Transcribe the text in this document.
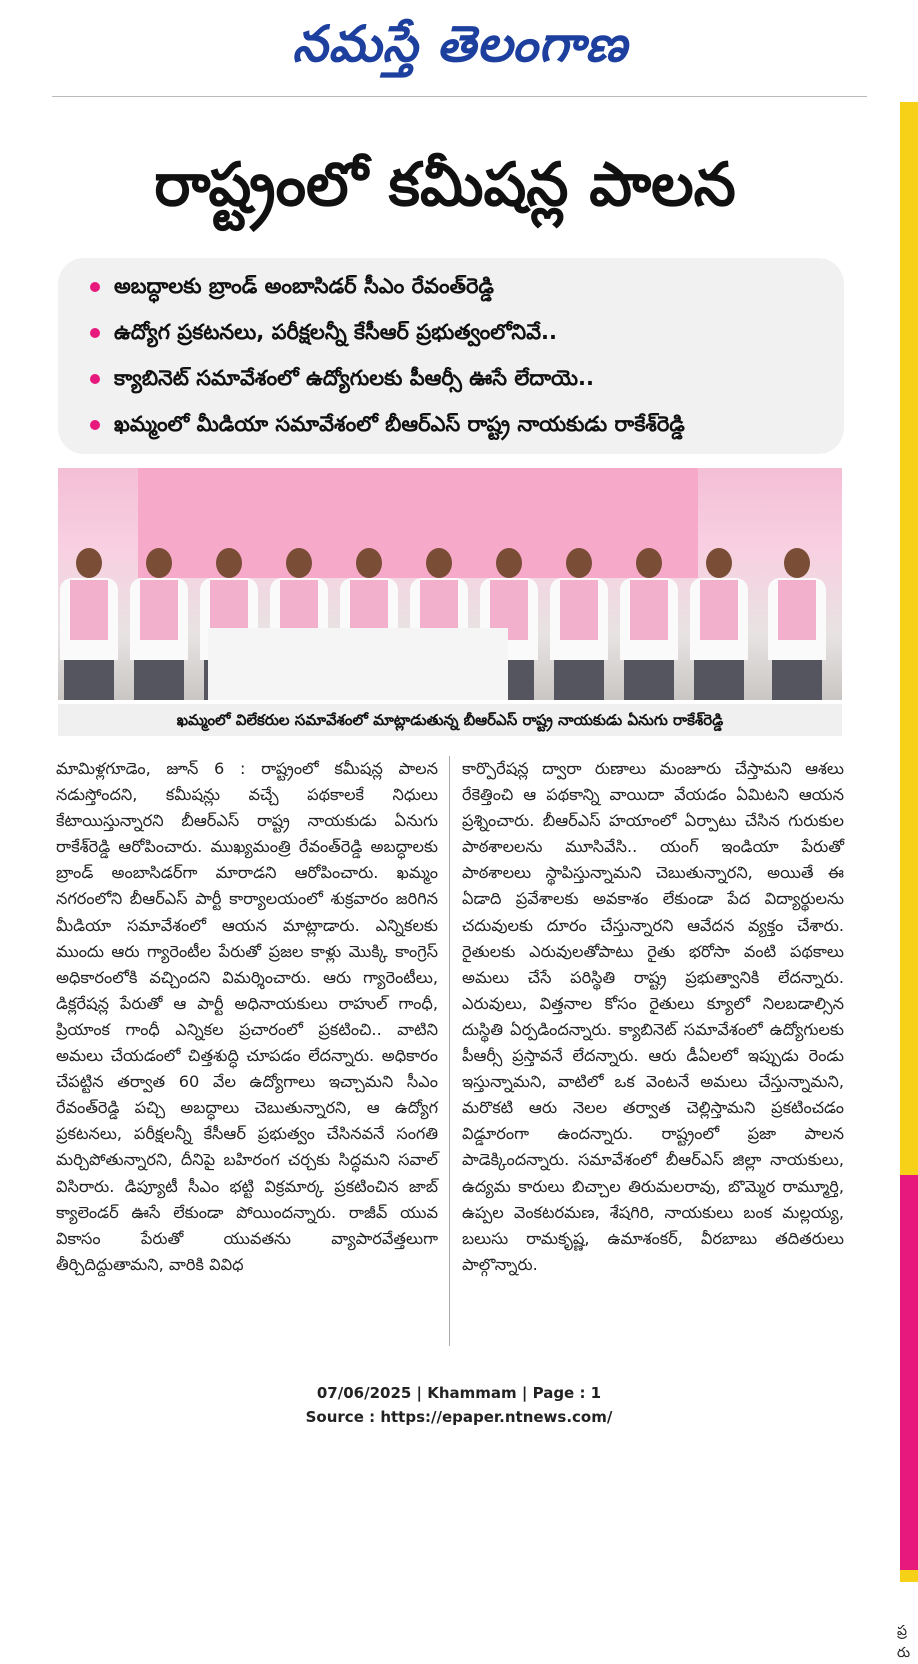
నమస్తే తెలంగాణ
ప్ర
రు
రాష్ట్రంలో కమీషన్ల పాలన
అబద్ధాలకు బ్రాండ్ అంబాసిడర్ సీఎం రేవంత్‌రెడ్డి
ఉద్యోగ ప్రకటనలు, పరీక్షలన్నీ కేసీఆర్ ప్రభుత్వంలోనివే..
క్యాబినెట్ సమావేశంలో ఉద్యోగులకు పీఆర్సీ ఊసే లేదాయె..
ఖమ్మంలో మీడియా సమావేశంలో బీఆర్ఎస్ రాష్ట్ర నాయకుడు రాకేశ్‌రెడ్డి
ఖమ్మంలో విలేకరుల సమావేశంలో మాట్లాడుతున్న బీఆర్ఎస్ రాష్ట్ర నాయకుడు ఏనుగు రాకేశ్‌రెడ్డి
మామిళ్లగూడెం, జూన్ 6 : రాష్ట్రంలో కమీషన్ల పాలన నడుస్తోందని, కమీషన్లు వచ్చే పథకాలకే నిధులు కేటాయిస్తున్నారని బీఆర్ఎస్ రాష్ట్ర నాయకుడు ఏనుగు రాకేశ్‌రెడ్డి ఆరోపించారు. ముఖ్యమంత్రి రేవంత్‌రెడ్డి అబద్ధాలకు బ్రాండ్ అంబాసిడర్‌గా మారాడని ఆరోపించారు. ఖమ్మం నగరంలోని బీఆర్ఎస్ పార్టీ కార్యాలయంలో శుక్రవారం జరిగిన మీడియా సమావేశంలో ఆయన మాట్లాడారు. ఎన్నికలకు ముందు ఆరు గ్యారెంటీల పేరుతో ప్రజల కాళ్లు మొక్కి కాంగ్రెస్ అధికారంలోకి వచ్చిందని విమర్శించారు. ఆరు గ్యారెంటీలు, డిక్లరేషన్ల పేరుతో ఆ పార్టీ అధినాయకులు రాహుల్ గాంధీ, ప్రియాంక గాంధీ ఎన్నికల ప్రచారంలో ప్రకటించి.. వాటిని అమలు చేయడంలో చిత్తశుద్ధి చూపడం లేదన్నారు. అధికారం చేపట్టిన తర్వాత 60 వేల ఉద్యోగాలు ఇచ్చామని సీఎం రేవంత్‌రెడ్డి పచ్చి అబద్ధాలు చెబుతున్నారని, ఆ ఉద్యోగ ప్రకటనలు, పరీక్షలన్నీ కేసీఆర్ ప్రభుత్వం చేసినవనే సంగతి మర్చిపోతున్నారని, దీనిపై బహిరంగ చర్చకు సిద్ధమని సవాల్ విసిరారు. డిప్యూటీ సీఎం భట్టి విక్రమార్క ప్రకటించిన జాబ్ క్యాలెండర్ ఊసే లేకుండా పోయిందన్నారు. రాజీవ్ యువ వికాసం పేరుతో యువతను వ్యాపారవేత్తలుగా తీర్చిదిద్దుతామని, వారికి వివిధ
కార్పొరేషన్ల ద్వారా రుణాలు మంజూరు చేస్తామని ఆశలు రేకెత్తించి ఆ పథకాన్ని వాయిదా వేయడం ఏమిటని ఆయన ప్రశ్నించారు. బీఆర్ఎస్ హయాంలో ఏర్పాటు చేసిన గురుకుల పాఠశాలలను మూసివేసి.. యంగ్ ఇండియా పేరుతో పాఠశాలలు స్థాపిస్తున్నామని చెబుతున్నారని, అయితే ఈ ఏడాది ప్రవేశాలకు అవకాశం లేకుండా పేద విద్యార్థులను చదువులకు దూరం చేస్తున్నారని ఆవేదన వ్యక్తం చేశారు. రైతులకు ఎరువులతోపాటు రైతు భరోసా వంటి పథకాలు అమలు చేసే పరిస్థితి రాష్ట్ర ప్రభుత్వానికి లేదన్నారు. ఎరువులు, విత్తనాల కోసం రైతులు క్యూలో నిలబడాల్సిన దుస్థితి ఏర్పడిందన్నారు. క్యాబినెట్ సమావేశంలో ఉద్యోగులకు పీఆర్సీ ప్రస్తావనే లేదన్నారు. ఆరు డీఏలలో ఇప్పుడు రెండు ఇస్తున్నామని, వాటిలో ఒక వెంటనే అమలు చేస్తున్నామని, మరొకటి ఆరు నెలల తర్వాత చెల్లిస్తామని ప్రకటించడం విడ్డూరంగా ఉందన్నారు. రాష్ట్రంలో ప్రజా పాలన పాడెక్కిందన్నారు. సమావేశంలో బీఆర్ఎస్ జిల్లా నాయకులు, ఉద్యమ కారులు బిచ్చాల తిరుమలరావు, బొమ్మెర రామ్మూర్తి, ఉప్పల వెంకటరమణ, శేషగిరి, నాయకులు బంక మల్లయ్య, బలుసు రామకృష్ణ, ఉమాశంకర్, వీరబాబు తదితరులు పాల్గొన్నారు.
07/06/2025 | Khammam | Page : 1
Source : https://epaper.ntnews.com/
